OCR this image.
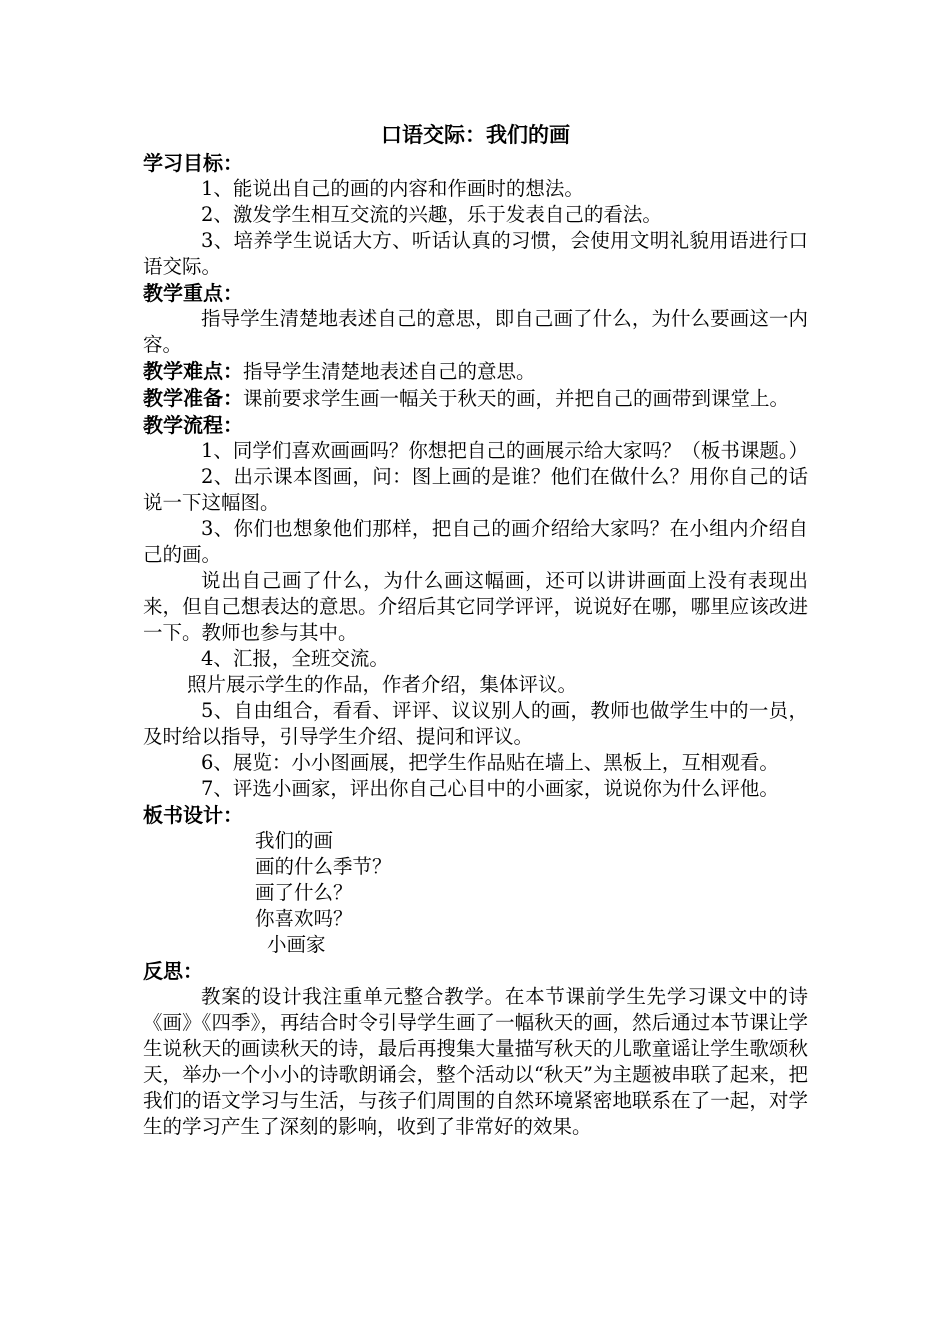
口语交际：我们的画
学习目标：

1、能说出自己的画的内容和作画时的想法。

2、激发学生相互交流的兴趣，乐于发表自己的看法。

3、培养学生说话大方、听话认真的习惯，会使用文明礼貌用语进行口语交际。

教学重点：

指导学生清楚地表述自己的意思，即自己画了什么，为什么要画这一内容。

教学难点：指导学生清楚地表述自己的意思。

教学准备：课前要求学生画一幅关于秋天的画，并把自己的画带到课堂上。

教学流程：

1、同学们喜欢画画吗？你想把自己的画展示给大家吗？（板书课题。）

2、出示课本图画，问：图上画的是谁？他们在做什么？用你自己的话说一下这幅图。

3、你们也想象他们那样，把自己的画介绍给大家吗？在小组内介绍自己的画。

说出自己画了什么，为什么画这幅画，还可以讲讲画面上没有表现出来，但自己想表达的意思。介绍后其它同学评评，说说好在哪，哪里应该改进一下。教师也参与其中。

4、汇报，全班交流。

照片展示学生的作品，作者介绍，集体评议。

5、自由组合，看看、评评、议议别人的画，教师也做学生中的一员，及时给以指导，引导学生介绍、提问和评议。

6、展览：小小图画展，把学生作品贴在墙上、黑板上，互相观看。

7、评选小画家，评出你自己心目中的小画家，说说你为什么评他。

板书设计：
我们的画
画的什么季节？
画了什么？
你喜欢吗？
小画家
反思：

教案的设计我注重单元整合教学。在本节课前学生先学习课文中的诗《画》《四季》，再结合时令引导学生画了一幅秋天的画，然后通过本节课让学生说秋天的画读秋天的诗，最后再搜集大量描写秋天的儿歌童谣让学生歌颂秋天，举办一个小小的诗歌朗诵会，整个活动以“秋天”为主题被串联了起来，把我们的语文学习与生活，与孩子们周围的自然环境紧密地联系在了一起，对学生的学习产生了深刻的影响，收到了非常好的效果。
